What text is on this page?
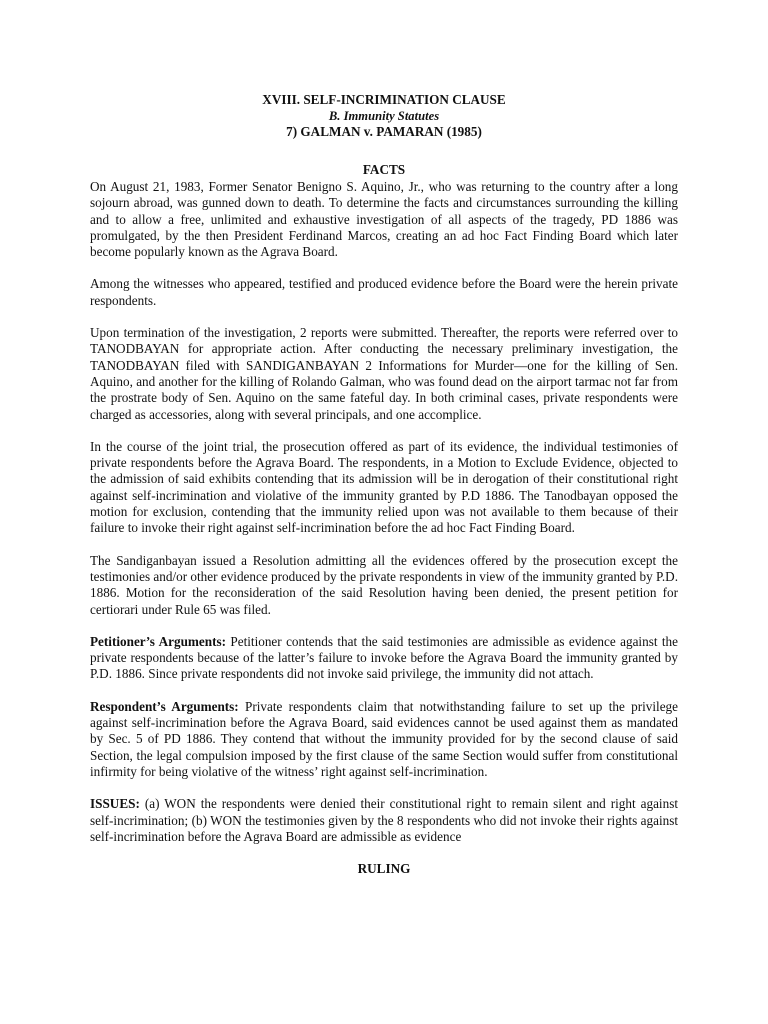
XVIII. SELF-INCRIMINATION CLAUSE
B. Immunity Statutes
7) GALMAN v. PAMARAN (1985)
FACTS

On August 21, 1983, Former Senator Benigno S. Aquino, Jr., who was returning to the country after a long sojourn abroad, was gunned down to death. To determine the facts and circumstances surrounding the killing and to allow a free, unlimited and exhaustive investigation of all aspects of the tragedy, PD 1886 was promulgated, by the then President Ferdinand Marcos, creating an ad hoc Fact Finding Board which later become popularly known as the Agrava Board.

Among the witnesses who appeared, testified and produced evidence before the Board were the herein private respondents.

Upon termination of the investigation, 2 reports were submitted. Thereafter, the reports were referred over to TANODBAYAN for appropriate action. After conducting the necessary preliminary investigation, the TANODBAYAN filed with SANDIGANBAYAN 2 Informations for Murder—one for the killing of Sen. Aquino, and another for the killing of Rolando Galman, who was found dead on the airport tarmac not far from the prostrate body of Sen. Aquino on the same fateful day. In both criminal cases, private respondents were charged as accessories, along with several principals, and one accomplice.

In the course of the joint trial, the prosecution offered as part of its evidence, the individual testimonies of private respondents before the Agrava Board. The respondents, in a Motion to Exclude Evidence, objected to the admission of said exhibits contending that its admission will be in derogation of their constitutional right against self-incrimination and violative of the immunity granted by P.D 1886. The Tanodbayan opposed the motion for exclusion, contending that the immunity relied upon was not available to them because of their failure to invoke their right against self-incrimination before the ad hoc Fact Finding Board.

The Sandiganbayan issued a Resolution admitting all the evidences offered by the prosecution except the testimonies and/or other evidence produced by the private respondents in view of the immunity granted by P.D. 1886. Motion for the reconsideration of the said Resolution having been denied, the present petition for certiorari under Rule 65 was filed.

Petitioner’s Arguments: Petitioner contends that the said testimonies are admissible as evidence against the private respondents because of the latter’s failure to invoke before the Agrava Board the immunity granted by P.D. 1886. Since private respondents did not invoke said privilege, the immunity did not attach.

Respondent’s Arguments: Private respondents claim that notwithstanding failure to set up the privilege against self-incrimination before the Agrava Board, said evidences cannot be used against them as mandated by Sec. 5 of PD 1886. They contend that without the immunity provided for by the second clause of said Section, the legal compulsion imposed by the first clause of the same Section would suffer from constitutional infirmity for being violative of the witness’ right against self-incrimination.

ISSUES: (a) WON the respondents were denied their constitutional right to remain silent and right against self-incrimination; (b) WON the testimonies given by the 8 respondents who did not invoke their rights against self-incrimination before the Agrava Board are admissible as evidence

RULING
